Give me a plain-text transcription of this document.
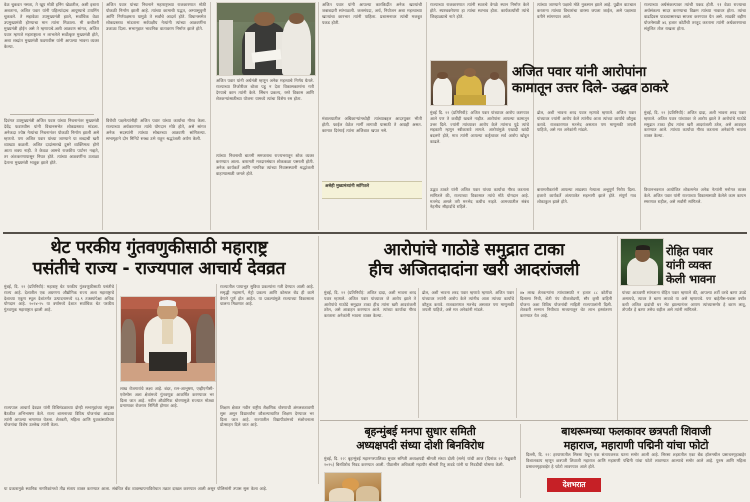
वेळ चुकवत नसता, ते खूप मोठी इनिंग खेळतील, अशी इशारा अशताना, अजित पवार यांनी पहिल्यांदाच आयुष्याचे टायमिंग चुकवले. ते सहावेळा उपमुख्यमंत्री झाले, सर्वाधिक वेळा उपमुख्यमंत्री होण्याचा मान त्यांना मिळाला. मी कधीतरी मुख्यमंत्री होईन असे ते म्हणायचे.अशी आठवण सांगत, अजित पवार म्हणजे महाराष्ट्राला न लाभलेले सर्वोत्कृष्ट मुख्यमंत्री होते, अशा शब्दांत मुख्यमंत्री फडणवीस यांनी आपल्या भावना व्यक्त केल्या.
दिवंगत उपमुख्यमंत्री अजित पवार यांच्या निधनानंतर मुख्यमंत्री देवेंद्र फडणवीस यांनी विधानसभेत शोकप्रस्ताव मांडला. अनेकदा ज्येष्ठ नेत्यांचा निधनानंतर पोकळी निर्माण झाली असे म्हणतो. पण अजित पवार यांच्या जाण्याने या शब्दाची खरी व्याख्या कळली. अजित दादांसारखे दुसरे व्यक्तिमत्व होणे आता शक्य नाही. ते केवळ आमचे राजकीय पार्टनर नव्हते, तर अंतःकरणापासून निघत होते. त्यांच्या आठवणींना उजाळा देताना मुख्यमंत्री भावूक झाले होते.
अजित पवार यांच्या निधनाने महाराष्ट्राच्या राजकारणात मोठी पोकळी निर्माण झाली आहे. त्यांच्या कामाची पद्धत, अभ्यासूवृत्ती आणि निर्णयक्षमता यामुळे ते सर्वांचे आदर्श होते. विधानसभेत शोकप्रस्ताव मांडताना सर्वपक्षीय नेत्यांनी त्यांच्या आठवणींना उजाळा दिला. सभागृहात भावनिक वातावरण निर्माण झाले होते.
विरोधी पक्षनेत्यांनीही अजित पवार यांच्या कार्याचा गौरव केला. राज्याच्या अर्थकारणात त्यांचे योगदान मोठे होते, असे सांगत अनेक सदस्यांनी त्यांच्या सोबतच्या आठवणी सांगितल्या. सभागृहाने दोन मिनिटे स्तब्ध उभे राहून श्रद्धांजली अर्पण केली.
अजित पवार यांनी अर्थमंत्री म्हणून अनेक महत्त्वाचे निर्णय घेतले. राज्याच्या तिजोरीवर बोजा पडू न देता विकासकामांना गती देण्याचे काम त्यांनी केले. सिंचन प्रकल्प, रस्ते विकास आणि शेतकऱ्यांसाठीच्या योजना यामध्ये त्यांचा विशेष रस होता.
त्यांच्या निधनाची बातमी समजताच राज्यभरातून शोक व्यक्त करण्यात आला. बारामती मतदारसंघात शोककळा पसरली होती. अनेक कार्यकर्ते आणि नागरिक त्यांच्या निवासस्थानी श्रद्धांजली वाहण्यासाठी जमले होते.
अजित पवार यांनी आपल्या कारकिर्दीत अनेक खात्यांची जबाबदारी सांभाळली. जलसंपदा, अर्थ, नियोजन अशा महत्त्वाच्या खात्यांचा कारभार त्यांनी पाहिला. प्रशासनावर त्यांची मजबूत पकड होती.
मंत्रालयातील अधिकाऱ्यांमध्येही त्यांच्याबद्दल आदरयुक्त भीती होती. फाईल वेळेत मार्गी लागावी यासाठी ते आग्रही असत. कामात दिरंगाई त्यांना अजिबात खपत नसे.
राज्याच्या राजकारणात त्यांनी स्वतःचे वेगळे स्थान निर्माण केले होते. स्पष्टवक्तेपणा हा त्यांचा स्वभाव होता. कार्यकर्त्यांशी त्यांचे जिव्हाळ्याचे नाते होते.
अजित पवार यांनी आरोपांना
कामातून उत्तर दिले- उद्धव ठाकरे
मुंबई दि. २२ (प्रतिनिधी): अजित पवार यांच्यावर आरोप करण्यात आले पण ते कधीही खचले नाहीत. आरोपांना आपल्या कामातून उत्तर दिले. ज्यांनी त्यांच्यावर आरोप केले त्यांनाच पुढे त्यांचे सहकारी म्हणून स्वीकारावे लागले. आरोपांमुळे एखादी खांदी बदलणे होते, मात्र त्यांनी आपल्या कर्तृत्वावर सर्व आरोप खोडून काढले.
उद्धव ठाकरे यांनी अजित पवार यांच्या कार्याचा गौरव करताना सांगितले की, राज्याच्या विकासात त्यांचे मोठे योगदान आहे. मतभेद असले तरी मनभेद कधीच नव्हते. आमच्यातील संबंध नेहमीच सौहार्दाचे राहिले.
त्यांच्या जाण्याने पक्षाचे मोठे नुकसान झाले आहे. पुढील वाटचाल करताना त्यांच्या विचारांचा वारसा जपला जाईल, असे पक्षाच्या वतीने सांगण्यात आले.
ढोल, अशी भावना शरद पवार म्हणावे म्हणाले. अजित पवार यांच्यावर ज्यांनी आरोप केले त्यांनीच आता त्यांच्या कार्याचे कौतुक करावे. राजकारणात मतभेद असतात पण माणुसकी जपली पाहिजे, असे मत अनेकांनी मांडले.
बारामतीकरांनी आपल्या लाडक्या नेत्याला अश्रूपूर्ण निरोप दिला. हजारो कार्यकर्ते अंत्ययात्रेत सहभागी झाले होते. संपूर्ण गाव शोकाकुल झाले होते.
राज्याच्या अर्थसंकल्पावर त्यांची पकड होती. ११ वेळा राज्याचा अर्थसंकल्प सादर करण्याचा विक्रम त्यांच्या नावावर होता. त्यांचा वाढदिवस पाडव्यासारखा साजरा करण्यात येत असे. लाडकी बहीण योजनेसाठी ४६ हजार कोटींची तरतूद करताना त्यांनी अर्थकारणाचा संतुलित तोल राखला होता.
मुंबई, दि. २२ (प्रतिनिधी): अजित दादा, अशी भावना शरद पवार म्हणाले. अजित पवार यांच्यावर जे आरोप झाले ते आरोपांचे गाठोडे समुद्रात टाका हीच त्यांना खरी आदरांजली ठरेल, असे आवाहन करण्यात आले. त्यांच्या कार्याचा गौरव करताना अनेकांनी भावना व्यक्त केल्या.
विधानभवनात आयोजित शोकसभेत अनेक नेत्यांनी मनोगत व्यक्त केले. अजित पवार यांनी राज्याच्या विकासासाठी केलेले काम कायम स्मरणात राहील, असे सर्वांनी सांगितले.
असेही मुख्यमंत्र्यांनी सांगितले
थेट परकीय गुंतवणुकीसाठी महाराष्ट्र
पसंतीचे राज्य - राज्यपाल आचार्य देवव्रत
मुंबई, दि. २२ (प्रतिनिधी): महाराष्ट्र थेट परकीय गुंतवणुकीसाठी पसंतीचे राज्य आहे. देशातील एक अग्रगण्य औद्योगिक राज्य अशा महाराष्ट्राचे देशाच्या एकूण स्थूल देशांतर्गत उत्पादनामध्ये १३.९ टक्क्यांपेक्षा अधिक योगदान आहे. २०२४-२५ या वर्षामध्ये देशात सर्वाधिक थेट परकीय गुंतवणूक महाराष्ट्रात झाली आहे.
राज्यपाल आचार्य देवव्रत यांनी विधिमंडळाच्या दोन्ही सभागृहांच्या संयुक्त बैठकीत अभिभाषण केले. राज्य शासनाच्या विविध योजनांचा आढावा त्यांनी आपल्या भाषणात घेतला. शेतकरी, महिला आणि युवकांसाठीच्या योजनांचा विशेष उल्लेख त्यांनी केला.
लाख रोजगारांचे लक्ष्य आहे. बंदर, रत्न-आभूषण, एव्हीएनीसी-एरोस्पेस अशा क्षेत्रांमध्ये गुंतवणूक आकर्षित करण्यावर भर दिला जात आहे. नवीन औद्योगिक धोरणामुळे राज्यात मोठ्या प्रमाणावर रोजगार निर्मिती होणार आहे.
राज्यातील पायाभूत सुविधा प्रकल्पांना गती देण्यात आली आहे. समृद्धी महामार्ग, मेट्रो प्रकल्प आणि कोस्टल रोड ही कामे वेगाने पूर्ण होत आहेत. या प्रकल्पांमुळे राज्याच्या विकासाला चालना मिळणार आहे.
शिक्षण क्षेत्रात नवीन राष्ट्रीय शैक्षणिक धोरणाची अंमलबजावणी सुरू असून विद्यार्थ्यांना कौशल्याधारित शिक्षण देण्यावर भर दिला जात आहे. राज्यातील विद्यापीठांमध्ये संशोधनाला प्रोत्साहन दिले जात आहे.
आरोपांचे गाठोडे समुद्रात टाका
हीच अजितदादांना खरी आदरांजली
रोहित पवार
यांनी व्यक्त
केली भावना
यांच्या आठवणी सांगताना रोहित पवार म्हणाले की, आपल्या शर्टी वरचे बटण उघडे असायचे, त्यावर ते बटण लावावे या असे म्हणायचे. पण बाहेतीस-पन्नास वर्षांत कधी अजित दादांची धर भेट झाल्यानंतर आपण त्यांच्यासमोर हे बटण लावू, तोपर्यंत हे बटण तसेच राहील असे त्यांनी सांगितले.
मुंबई, दि. २२ (प्रतिनिधी): अजित दादा, अशी भावना शरद पवार म्हणाले. अजित पवार यांच्यावर जे आरोप झाले ते आरोपांचे गाठोडे समुद्रात टाका हीच त्यांना खरी आदरांजली ठरेल, असे आवाहन करण्यात आले. त्यांच्या कार्याचा गौरव करताना अनेकांनी भावना व्यक्त केल्या.
ढोल, अशी भावना शरद पवार म्हणावे म्हणाले. अजित पवार यांच्यावर ज्यांनी आरोप केले त्यांनीच आता त्यांच्या कार्याचे कौतुक करावे. राजकारणात मतभेद असतात पण माणुसकी जपली पाहिजे, असे मत अनेकांनी मांडले.
४७ लाख शेतकऱ्यांना त्यांच्यासाठी न हजार ८८ कोटींचा दिलासा निधी, शेती पंप वीजजोडणी, सौर कृषी वाहिनी योजना अशा विविध योजनांची माहिती राज्यपालांनी दिली. शेतकरी सन्मान निधीच्या माध्यमातून थेट लाभ हस्तांतरण करण्यात येत आहे.
बृहन्मुंबई मनपा सुधार समिती
अध्यक्षपदी संध्या दोशी बिनविरोध
मुंबई, दि. २२: बृहन्मुंबई महानगरपालिका सुधार समिती अध्यक्षपदी श्रीमती संध्या दोशी (सत्ते) यांची आज (दिनांक २२ फेब्रुवारी २०२५) बिनविरोध निवड करण्यात आली. पीठासीन अधिकारी महापौर श्रीमती रितू तावडे यांनी या निवडीची घोषणा केली.
बाथरूमच्या फलकावर छत्रपती शिवाजी
महाराज, महाराणी पद्मिनी यांचा फोटो
दिल्ली, दि. २२: हरयाणातील सिरसा येथून एक संतापजनक घटना समोर आली आहे. सिरसा शहरातील एका बँक हॉलमधील प्रसाधनगृहाबाहेर विशालकाय म्हणून छत्रपती शिवाजी महाराज आणि महाराणी पद्मिनी यांचा फोटो लावण्यात आल्याचे समोर आले आहे. पुरुष आणि महिला प्रसाधनगृहाबाहेर हे फोटो लावण्यात आले होते.
देशभरात
या प्रकारामुळे स्थानिक नागरिकांमध्ये तीव्र संताप व्यक्त करण्यात आला. संबंधित बँक व्यवस्थापनाविरोधात तक्रार दाखल करण्यात आली असून पोलिसांनी तपास सुरू केला आहे.
